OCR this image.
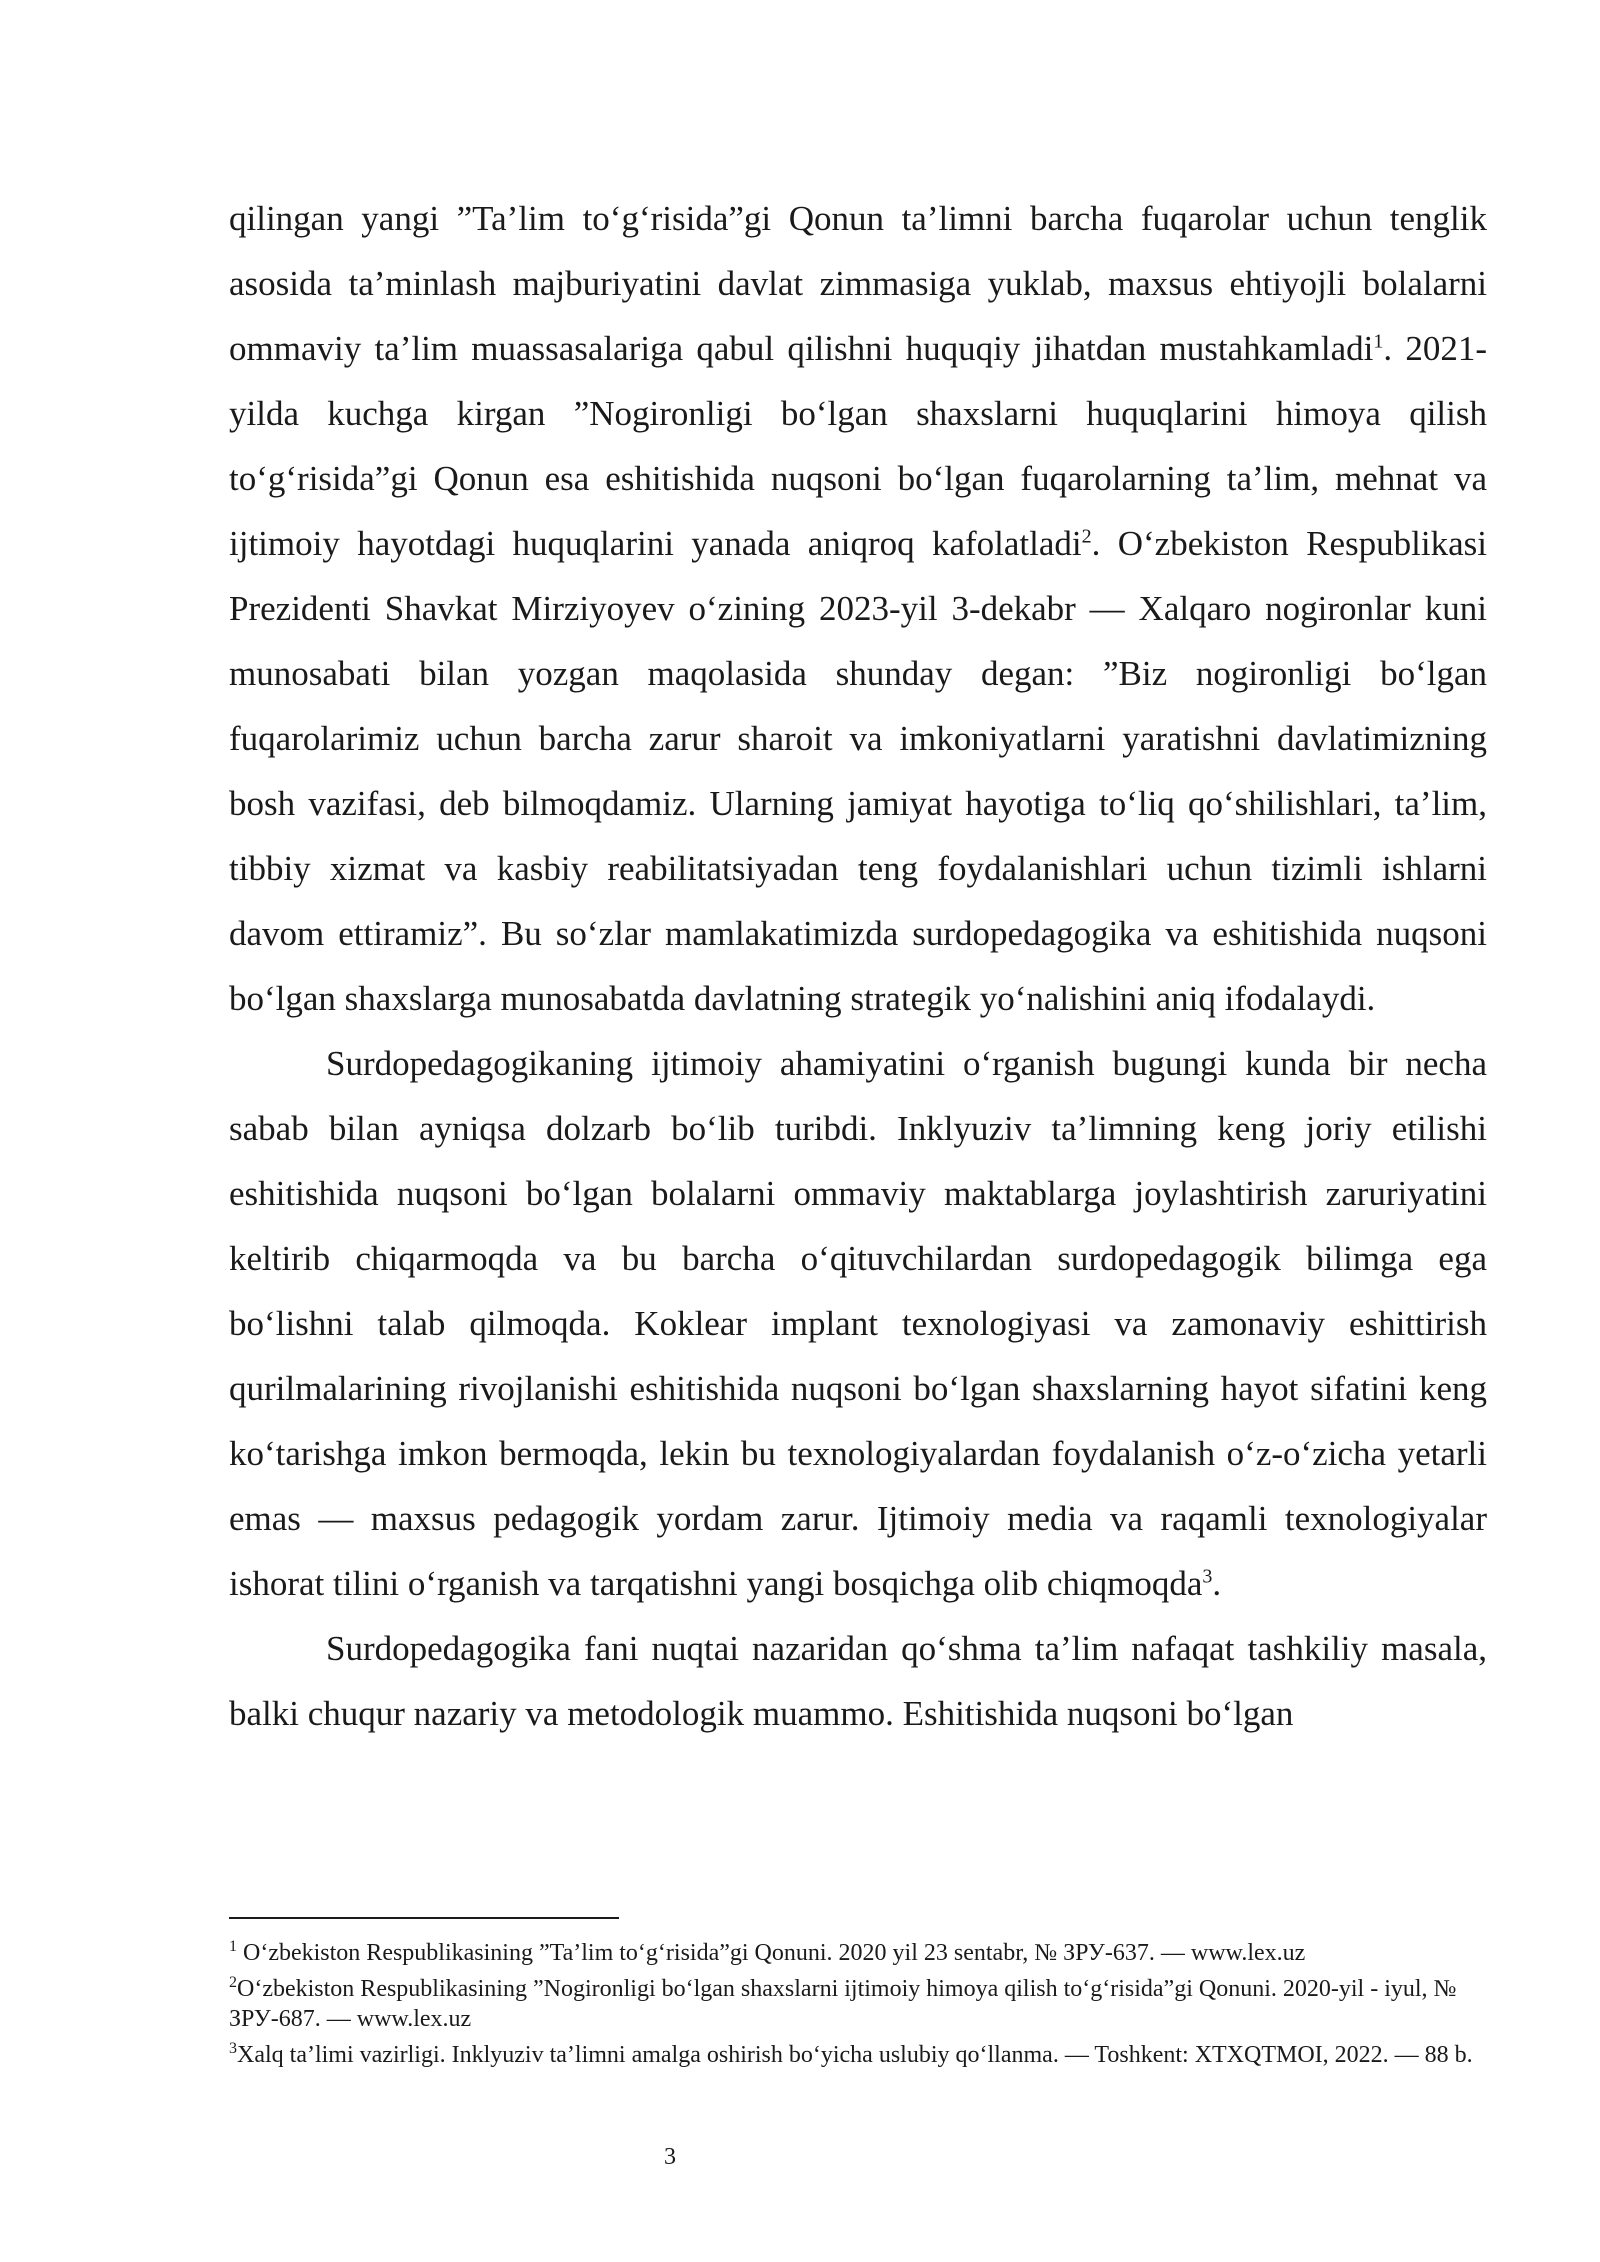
qilingan yangi ”Ta’lim to‘g‘risida”gi Qonun ta’limni barcha fuqarolar uchun tenglik asosida ta’minlash majburiyatini davlat zimmasiga yuklab, maxsus ehtiyojli bolalarni ommaviy ta’lim muassasalariga qabul qilishni huquqiy jihatdan mustahkamladi$^1$. 2021-yilda kuchga kirgan ”Nogironligi bo‘lgan shaxslarni huquqlarini himoya qilish to‘g‘risida”gi Qonun esa eshitishida nuqsoni bo‘lgan fuqarolarning ta’lim, mehnat va ijtimoiy hayotdagi huquqlarini yanada aniqroq kafolatladi$^2$. O‘zbekiston Respublikasi Prezidenti Shavkat Mirziyoyev o‘zining 2023-yil 3-dekabr — Xalqaro nogironlar kuni munosabati bilan yozgan maqolasida shunday degan: ”Biz nogironligi bo‘lgan fuqarolarimiz uchun barcha zarur sharoit va imkoniyatlarni yaratishni davlatimizning bosh vazifasi, deb bilmoqdamiz. Ularning jamiyat hayotiga to‘liq qo‘shilishlari, ta’lim, tibbiy xizmat va kasbiy reabilitatsiyadan teng foydalanishlari uchun tizimli ishlarni davom ettiramiz”. Bu so‘zlar mamlakatimizda surdopedagogika va eshitishida nuqsoni bo‘lgan shaxslarga munosabatda davlatning strategik yo‘nalishini aniq ifodalaydi.

Surdopedagogikaning ijtimoiy ahamiyatini o‘rganish bugungi kunda bir necha sabab bilan ayniqsa dolzarb bo‘lib turibdi. Inklyuziv ta’limning keng joriy etilishi eshitishida nuqsoni bo‘lgan bolalarni ommaviy maktablarga joylashtirish zaruriyatini keltirib chiqarmoqda va bu barcha o‘qituvchilardan surdopedagogik bilimga ega bo‘lishni talab qilmoqda. Koklear implant texnologiyasi va zamonaviy eshittirish qurilmalarining rivojlanishi eshitishida nuqsoni bo‘lgan shaxslarning hayot sifatini keng ko‘tarishga imkon bermoqda, lekin bu texnologiyalardan foydalanish o‘z-o‘zicha yetarli emas — maxsus pedagogik yordam zarur. Ijtimoiy media va raqamli texnologiyalar ishorat tilini o‘rganish va tarqatishni yangi bosqichga olib chiqmoqda$^3$.

Surdopedagogika fani nuqtai nazaridan qo‘shma ta’lim nafaqat tashkiliy masala, balki chuqur nazariy va metodologik muammo. Eshitishida nuqsoni bo‘lgan

$^1$ O‘zbekiston Respublikasining ”Ta’lim to‘g‘risida”gi Qonuni. 2020 yil 23 sentabr, № ЗРУ-637. — www.lex.uz
$^2$O‘zbekiston Respublikasining ”Nogironligi bo‘lgan shaxslarni ijtimoiy himoya qilish to‘g‘risida”gi Qonuni. 2020-yil - iyul, № ЗРУ-687. — www.lex.uz
$^3$Xalq ta’limi vazirligi. Inklyuziv ta’limni amalga oshirish bo‘yicha uslubiy qo‘llanma. — Toshkent: XTXQTMOI, 2022. — 88 b.
3
